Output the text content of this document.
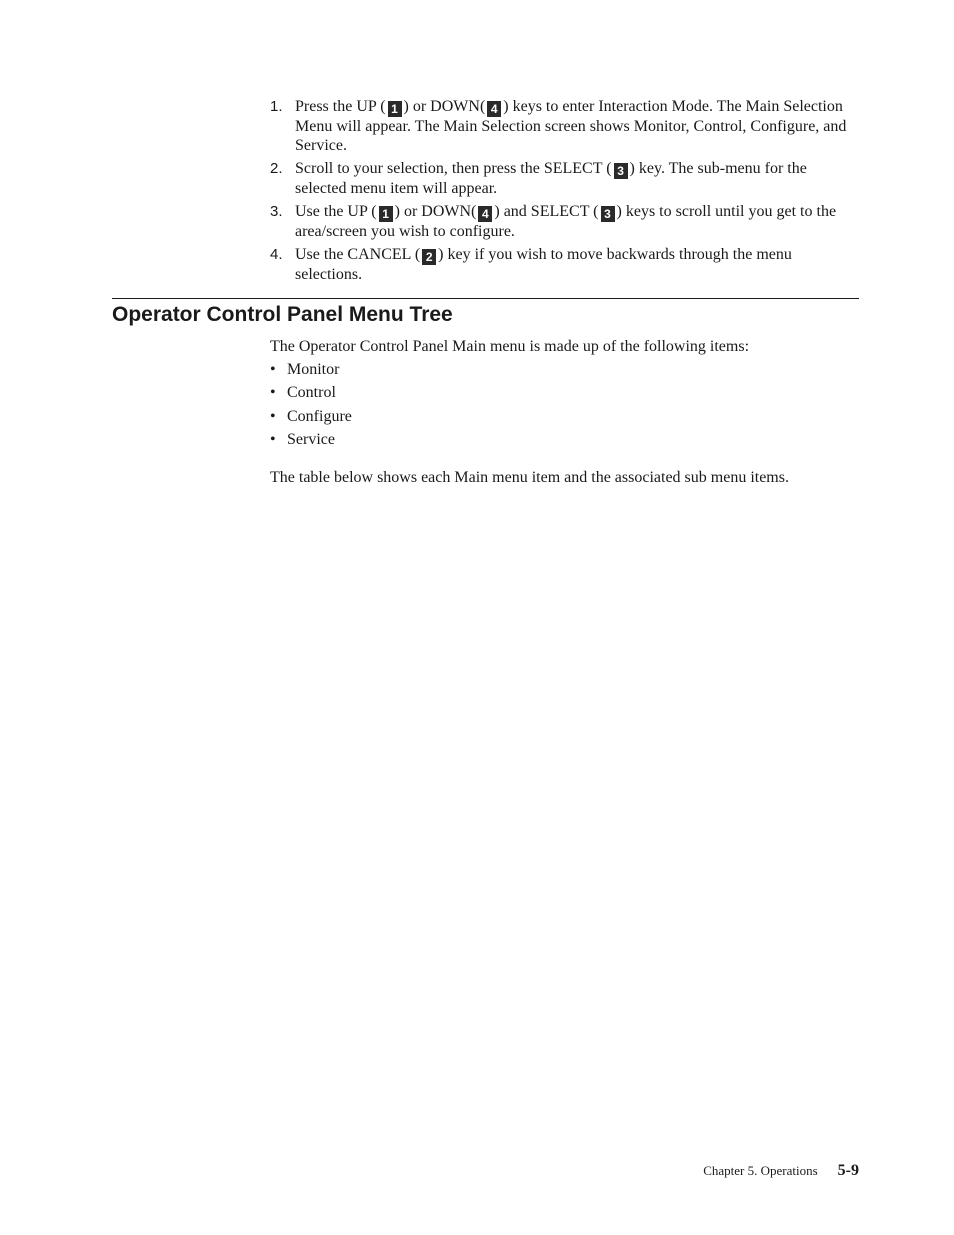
1. Press the UP ( 1 ) or DOWN( 4 ) keys to enter Interaction Mode. The Main Selection Menu will appear. The Main Selection screen shows Monitor, Control, Configure, and Service.
2. Scroll to your selection, then press the SELECT ( 3 ) key. The sub-menu for the selected menu item will appear.
3. Use the UP ( 1 ) or DOWN( 4 ) and SELECT ( 3 ) keys to scroll until you get to the area/screen you wish to configure.
4. Use the CANCEL ( 2 ) key if you wish to move backwards through the menu selections.
Operator Control Panel Menu Tree

The Operator Control Panel Main menu is made up of the following items:

• Monitor
• Control
• Configure
• Service

The table below shows each Main menu item and the associated sub menu items.

Chapter 5. Operations 5-9
